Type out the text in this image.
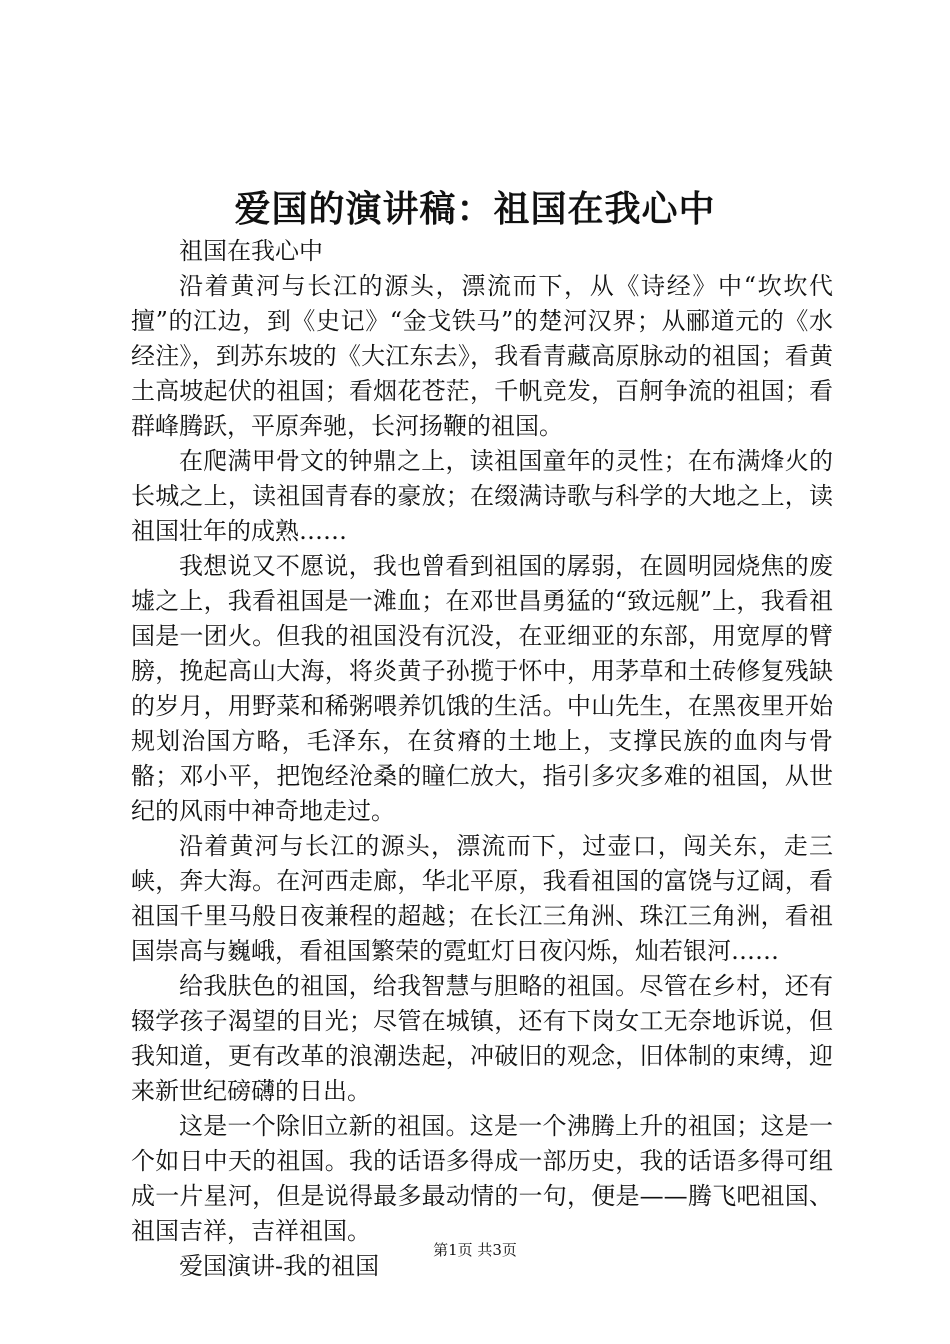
爱国的演讲稿：祖国在我心中

祖国在我心中

沿着黄河与长江的源头，漂流而下，从《诗经》中“坎坎代擅”的江边，到《史记》“金戈铁马”的楚河汉界；从郦道元的《水经注》，到苏东坡的《大江东去》，我看青藏高原脉动的祖国；看黄土高坡起伏的祖国；看烟花苍茫，千帆竞发，百舸争流的祖国；看群峰腾跃，平原奔驰，长河扬鞭的祖国。

在爬满甲骨文的钟鼎之上，读祖国童年的灵性；在布满烽火的长城之上，读祖国青春的豪放；在缀满诗歌与科学的大地之上，读祖国壮年的成熟……

我想说又不愿说，我也曾看到祖国的孱弱，在圆明园烧焦的废墟之上，我看祖国是一滩血；在邓世昌勇猛的“致远舰”上，我看祖国是一团火。但我的祖国没有沉没，在亚细亚的东部，用宽厚的臂膀，挽起高山大海，将炎黄子孙揽于怀中，用茅草和土砖修复残缺的岁月，用野菜和稀粥喂养饥饿的生活。中山先生，在黑夜里开始规划治国方略，毛泽东，在贫瘠的土地上，支撑民族的血肉与骨骼；邓小平，把饱经沧桑的瞳仁放大，指引多灾多难的祖国，从世纪的风雨中神奇地走过。

沿着黄河与长江的源头，漂流而下，过壶口，闯关东，走三峡，奔大海。在河西走廊，华北平原，我看祖国的富饶与辽阔，看祖国千里马般日夜兼程的超越；在长江三角洲、珠江三角洲，看祖国崇高与巍峨，看祖国繁荣的霓虹灯日夜闪烁，灿若银河……

给我肤色的祖国，给我智慧与胆略的祖国。尽管在乡村，还有辍学孩子渴望的目光；尽管在城镇，还有下岗女工无奈地诉说，但我知道，更有改革的浪潮迭起，冲破旧的观念，旧体制的束缚，迎来新世纪磅礴的日出。

这是一个除旧立新的祖国。这是一个沸腾上升的祖国；这是一个如日中天的祖国。我的话语多得成一部历史，我的话语多得可组成一片星河，但是说得最多最动情的一句，便是——腾飞吧祖国、祖国吉祥，吉祥祖国。

爱国演讲-我的祖国

第1页 共3页
